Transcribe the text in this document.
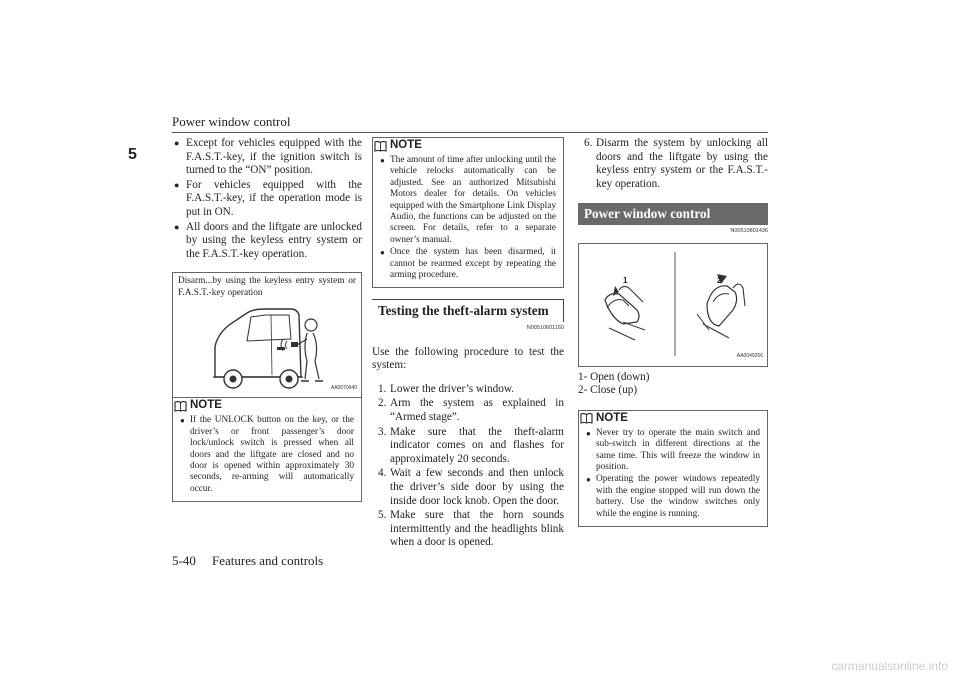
Power window control
5
● Except for vehicles equipped with the F.A.S.T.-key, if the ignition switch is turned to the “ON” position.
● For vehicles equipped with the F.A.S.T.-key, if the operation mode is put in ON.
● All doors and the liftgate are unlocked by using the keyless entry system or the F.A.S.T.-key operation.
Disarm...by using the keyless entry system or F.A.S.T.-key operation
AA0070940
NOTE
● If the UNLOCK button on the key, or the driver’s or front passenger’s door lock/unlock switch is pressed when all doors and the liftgate are closed and no door is opened within approximately 30 seconds, re-arming will automatically occur.
NOTE
● The amount of time after unlocking until the vehicle relocks automatically can be adjusted. See an authorized Mitsubishi Motors dealer for details. On vehicles equipped with the Smartphone Link Display Audio, the functions can be adjusted on the screen. For details, refer to a separate owner’s manual.
● Once the system has been disarmed, it cannot be rearmed except by repeating the arming procedure.
Testing the theft-alarm system
N00510601160

Use the following procedure to test the system:

1. Lower the driver’s window.
2. Arm the system as explained in “Armed stage”.
3. Make sure that the theft-alarm indicator comes on and flashes for approximately 20 seconds.
4. Wait a few seconds and then unlock the driver’s side door by using the inside door lock knob. Open the door.
5. Make sure that the horn sounds intermittently and the headlights blink when a door is opened.
6. Disarm the system by unlocking all doors and the liftgate by using the keyless entry system or the F.A.S.T.-key operation.
Power window control
N00510801436
1	2
AA0049266
1- Open (down)
2- Close (up)
NOTE
● Never try to operate the main switch and sub-switch in different directions at the same time. This will freeze the window in position.
● Operating the power windows repeatedly with the engine stopped will run down the battery. Use the window switches only while the engine is running.
5-40 Features and controls
carmanualsonline.info
